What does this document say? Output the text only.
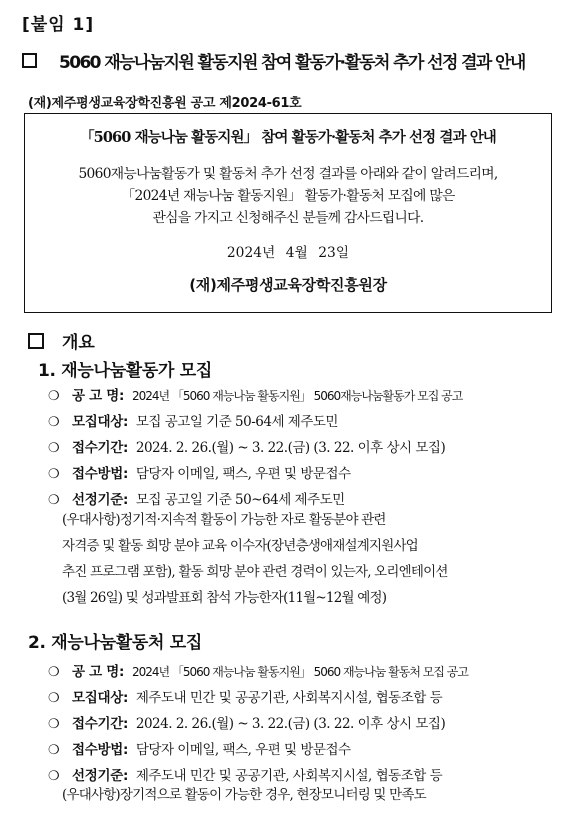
[붙임 1]
5060 재능나눔지원 활동지원 참여 활동가·활동처 추가 선정 결과 안내
(재)제주평생교육장학진흥원 공고 제2024-61호
「5060 재능나눔 활동지원」 참여 활동가·활동처 추가 선정 결과 안내
5060재능나눔활동가 및 활동처 추가 선정 결과를 아래와 같이 알려드리며,
「2024년 재능나눔 활동지원」 활동가·활동처 모집에 많은
관심을 가지고 신청해주신 분들께 감사드립니다.
2024년 4월 23일
(재)제주평생교육장학진흥원장
개요
1. 재능나눔활동가 모집
❍ 공 고 명 : 2024년 「5060 재능나눔 활동지원」 5060재능나눔활동가 모집 공고
❍ 모집대상 : 모집 공고일 기준 50-64세 제주도민
❍ 접수기간 : 2024. 2. 26.(월) ~ 3. 22.(금) (3. 22. 이후 상시 모집)
❍ 접수방법 : 담당자 이메일, 팩스, 우편 및 방문접수
❍ 선정기준 : 모집 공고일 기준 50~64세 제주도민
(우대사항)정기적·지속적 활동이 가능한 자로 활동분야 관련
자격증 및 활동 희망 분야 교육 이수자(장년층생애재설계지원사업
추진 프로그램 포함), 활동 희망 분야 관련 경력이 있는자, 오리엔테이션
(3월 26일) 및 성과발표회 참석 가능한자(11월~12월 예정)
2. 재능나눔활동처 모집
❍ 공 고 명 : 2024년 「5060 재능나눔 활동지원」 5060 재능나눔 활동처 모집 공고
❍ 모집대상 : 제주도내 민간 및 공공기관, 사회복지시설, 협동조합 등
❍ 접수기간 : 2024. 2. 26.(월) ~ 3. 22.(금) (3. 22. 이후 상시 모집)
❍ 접수방법 : 담당자 이메일, 팩스, 우편 및 방문접수
❍ 선정기준 : 제주도내 민간 및 공공기관, 사회복지시설, 협동조합 등
(우대사항)장기적으로 활동이 가능한 경우, 현장모니터링 및 만족도
